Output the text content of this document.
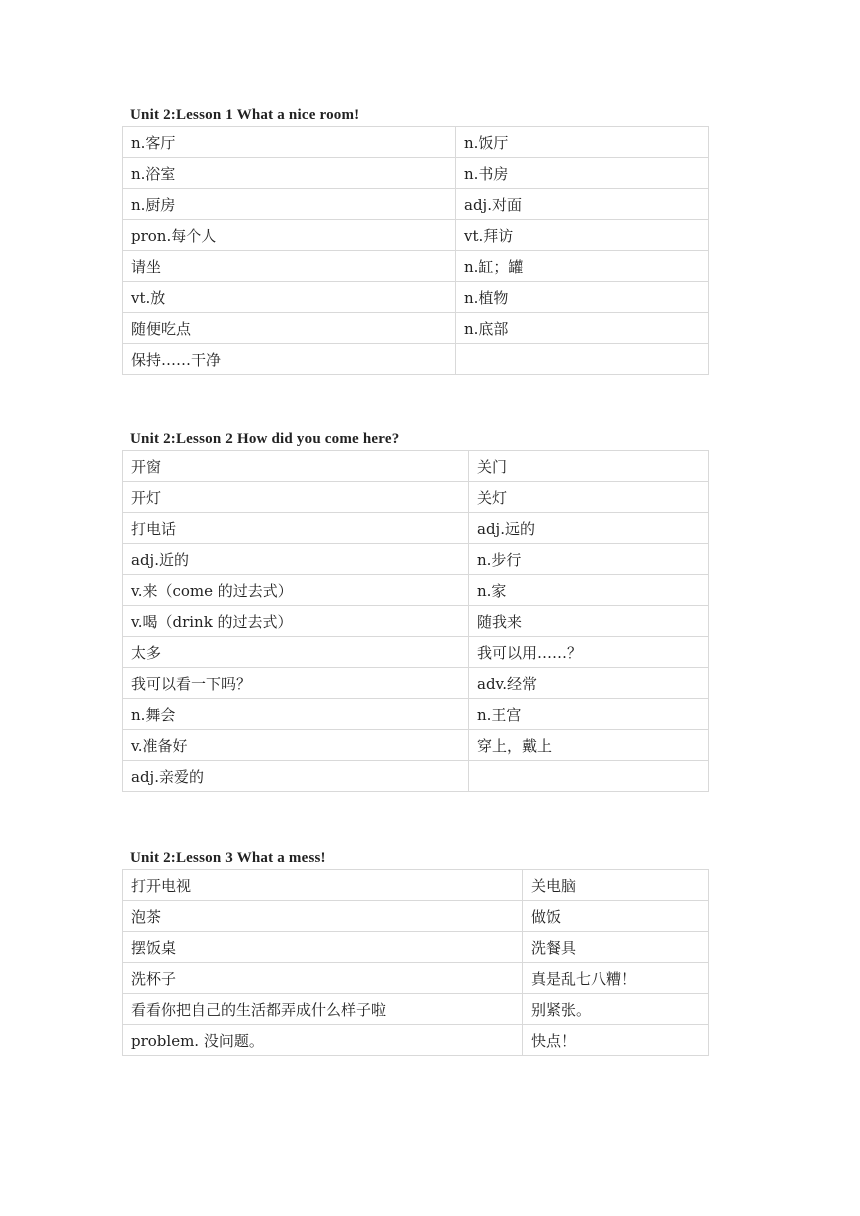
Unit 2:Lesson 1 What a nice room!
n.客厅	n.饭厅
n.浴室	n.书房
n.厨房	adj.对面
pron.每个人	vt.拜访
请坐	n.缸；罐
vt.放	n.植物
随便吃点	n.底部
保持……干净	
Unit 2:Lesson 2 How did you come here?
开窗	关门
开灯	关灯
打电话	adj.远的
adj.近的	n.步行
v.来（come 的过去式）	n.家
v.喝（drink 的过去式）	随我来
太多	我可以用……？
我可以看一下吗？	adv.经常
n.舞会	n.王宫
v.准备好	穿上，戴上
adj.亲爱的	
Unit 2:Lesson 3 What a mess!
打开电视	关电脑
泡茶	做饭
摆饭桌	洗餐具
洗杯子	真是乱七八糟！
看看你把自己的生活都弄成什么样子啦	别紧张。
problem. 没问题。	快点！
